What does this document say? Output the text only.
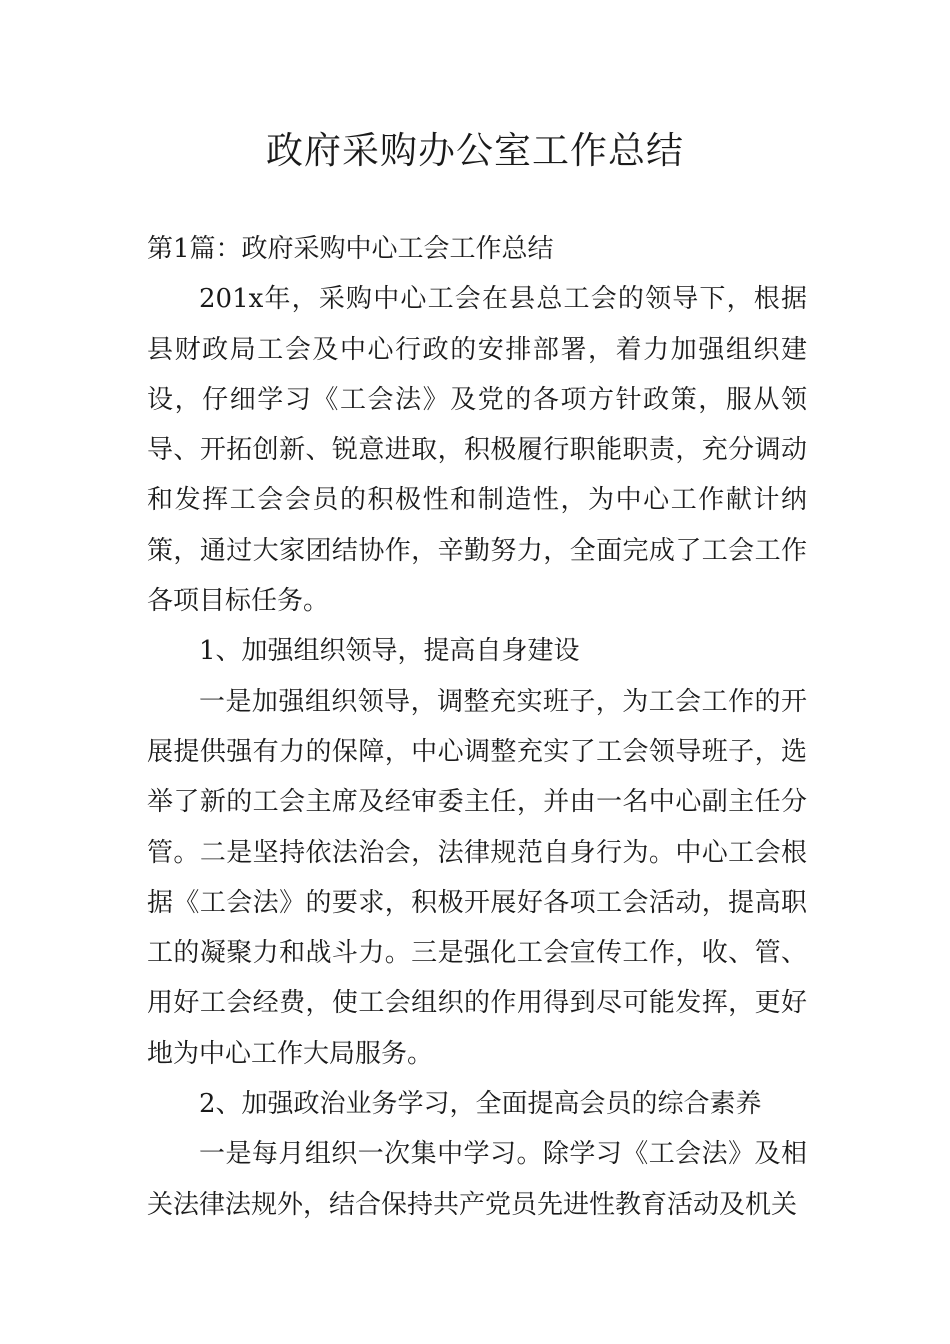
政府采购办公室工作总结

第1篇：政府采购中心工会工作总结

201x年，采购中心工会在县总工会的领导下，根据县财政局工会及中心行政的安排部署，着力加强组织建设，仔细学习《工会法》及党的各项方针政策，服从领导、开拓创新、锐意进取，积极履行职能职责，充分调动和发挥工会会员的积极性和制造性，为中心工作献计纳策，通过大家团结协作，辛勤努力，全面完成了工会工作各项目标任务。

1、加强组织领导，提高自身建设

一是加强组织领导，调整充实班子，为工会工作的开展提供强有力的保障，中心调整充实了工会领导班子，选举了新的工会主席及经审委主任，并由一名中心副主任分管。二是坚持依法治会，法律规范自身行为。中心工会根据《工会法》的要求，积极开展好各项工会活动，提高职工的凝聚力和战斗力。三是强化工会宣传工作，收、管、用好工会经费，使工会组织的作用得到尽可能发挥，更好地为中心工作大局服务。

2、加强政治业务学习，全面提高会员的综合素养

一是每月组织一次集中学习。除学习《工会法》及相关法律法规外，结合保持共产党员先进性教育活动及机关
